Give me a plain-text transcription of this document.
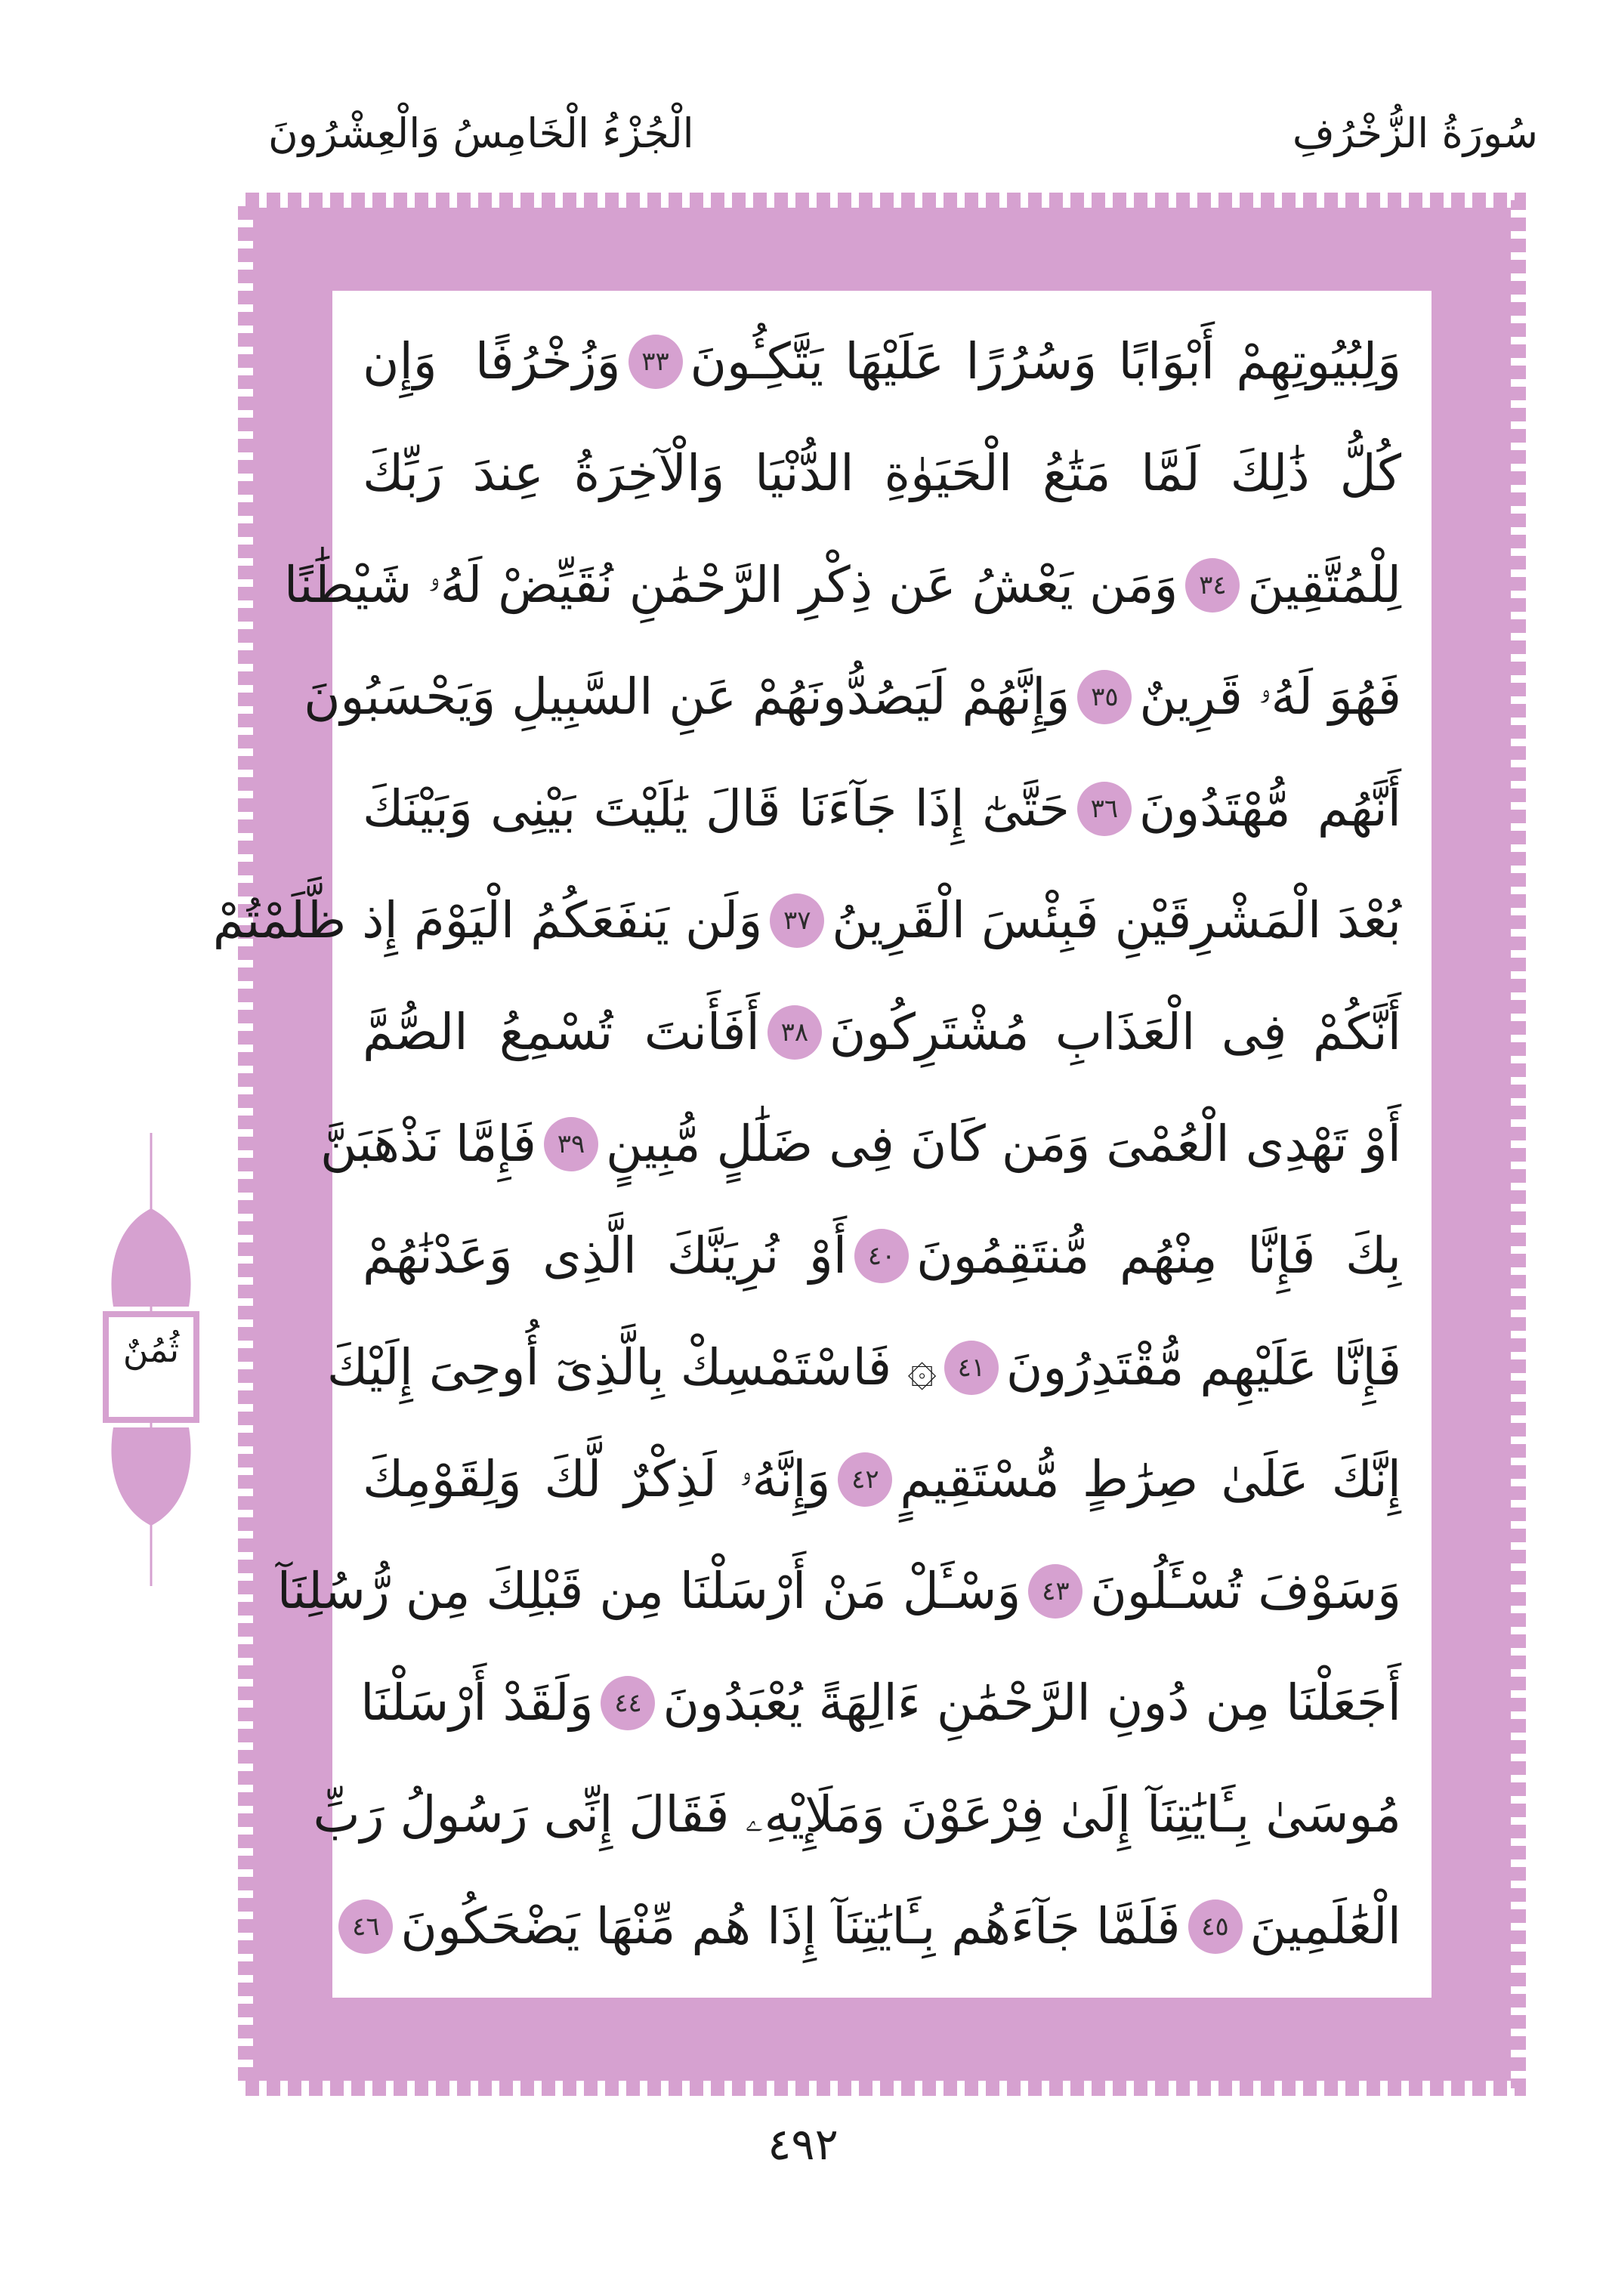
الْجُزْءُ الْخَامِسُ وَالْعِشْرُونَ	سُورَةُ الزُّخْرُفِ
وَلِبُيُوتِهِمْ أَبْوَابًا وَسُرُرًا عَلَيْهَا يَتَّكِـُٔونَ
٣٣
وَزُخْرُفًا وَإِن
كُلُّ ذَٰلِكَ لَمَّا مَتَٰعُ الْحَيَوٰةِ الدُّنْيَا وَالْآخِرَةُ عِندَ رَبِّكَ
لِلْمُتَّقِينَ
٣٤
وَمَن يَعْشُ عَن ذِكْرِ الرَّحْمَٰنِ نُقَيِّضْ لَهُۥ شَيْطَٰنًا
فَهُوَ لَهُۥ قَرِينٌ
٣٥
وَإِنَّهُمْ لَيَصُدُّونَهُمْ عَنِ السَّبِيلِ وَيَحْسَبُونَ
أَنَّهُم مُّهْتَدُونَ
٣٦
حَتَّىٰٓ إِذَا جَآءَنَا قَالَ يَٰلَيْتَ بَيْنِى وَبَيْنَكَ
بُعْدَ الْمَشْرِقَيْنِ فَبِئْسَ الْقَرِينُ
٣٧
وَلَن يَنفَعَكُمُ الْيَوْمَ إِذ ظَّلَمْتُمْ
أَنَّكُمْ فِى الْعَذَابِ مُشْتَرِكُونَ
٣٨
أَفَأَنتَ تُسْمِعُ الصُّمَّ
أَوْ تَهْدِى الْعُمْىَ وَمَن كَانَ فِى ضَلَٰلٍ مُّبِينٍ
٣٩
فَإِمَّا نَذْهَبَنَّ
بِكَ فَإِنَّا مِنْهُم مُّنتَقِمُونَ
٤٠
أَوْ نُرِيَنَّكَ الَّذِى وَعَدْنَٰهُمْ
فَإِنَّا عَلَيْهِم مُّقْتَدِرُونَ
٤١
۞ فَاسْتَمْسِكْ بِالَّذِىٓ أُوحِىَ إِلَيْكَ
إِنَّكَ عَلَىٰ صِرَٰطٍ مُّسْتَقِيمٍ
٤٢
وَإِنَّهُۥ لَذِكْرٌ لَّكَ وَلِقَوْمِكَ
وَسَوْفَ تُسْـَٔلُونَ
٤٣
وَسْـَٔلْ مَنْ أَرْسَلْنَا مِن قَبْلِكَ مِن رُّسُلِنَآ
أَجَعَلْنَا مِن دُونِ الرَّحْمَٰنِ ءَالِهَةً يُعْبَدُونَ
٤٤
وَلَقَدْ أَرْسَلْنَا
مُوسَىٰ بِـَٔايَٰتِنَآ إِلَىٰ فِرْعَوْنَ وَمَلَإِيْهِۦ فَقَالَ إِنِّى رَسُولُ رَبِّ
الْعَٰلَمِينَ
٤٥
فَلَمَّا جَآءَهُم بِـَٔايَٰتِنَآ إِذَا هُم مِّنْهَا يَضْحَكُونَ
٤٦
ثُمُنٌ
٤٩٢
